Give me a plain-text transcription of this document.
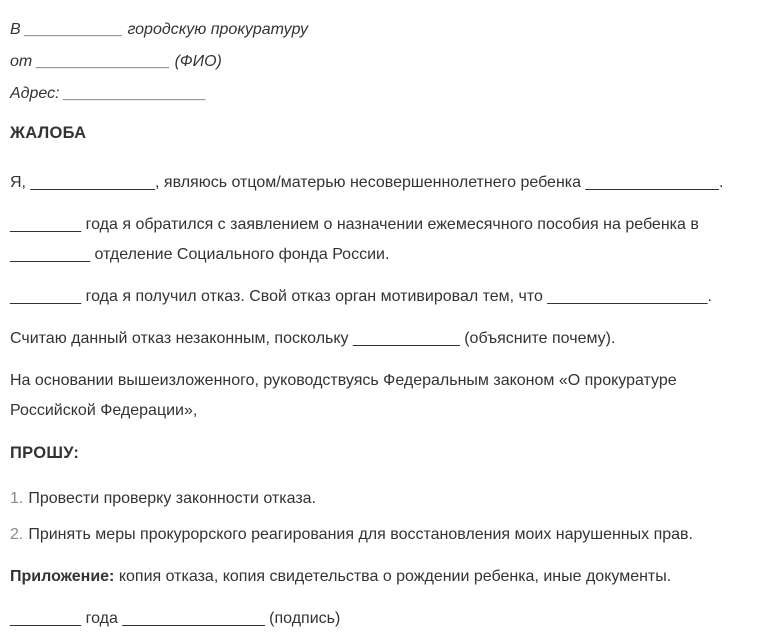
В ___________ городскую прокуратуру

от _______________ (ФИО)

Адрес: ________________

ЖАЛОБА
Я, ______________, являюсь отцом/матерью несовершеннолетнего ребенка _______________.
________ года я обратился с заявлением о назначении ежемесячного пособия на ребенка в
_________ отделение Социального фонда России.
________ года я получил отказ. Свой отказ орган мотивировал тем, что __________________.
Считаю данный отказ незаконным, поскольку ____________ (объясните почему).
На основании вышеизложенного, руководствуясь Федеральным законом «О прокуратуре
Российской Федерации»,
ПРОШУ:
1. Провести проверку законности отказа.
2. Принять меры прокурорского реагирования для восстановления моих нарушенных прав.
Приложение: копия отказа, копия свидетельства о рождении ребенка, иные документы.
________ года ________________ (подпись)
